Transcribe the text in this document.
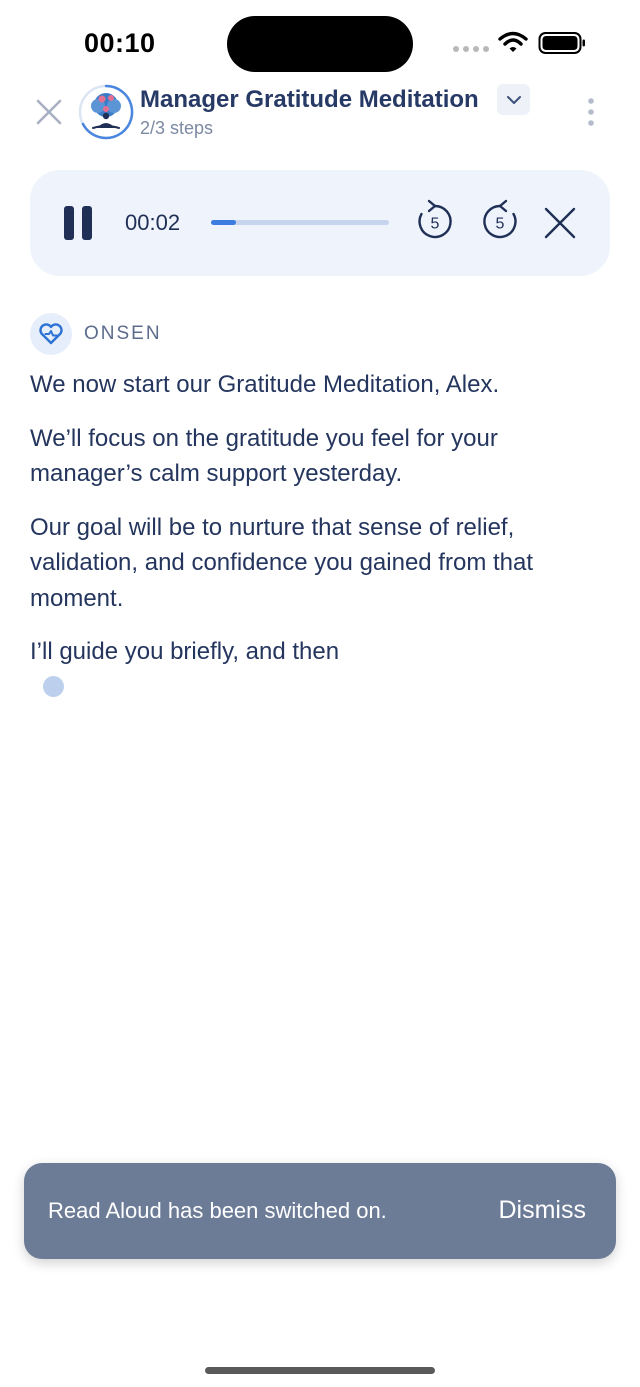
00:10
Manager Gratitude Meditation
2/3 steps
00:02	5	5
ONSEN

We now start our Gratitude Meditation, Alex.

We’ll focus on the gratitude you feel for your manager’s calm support yesterday.

Our goal will be to nurture that sense of relief, validation, and confidence you gained from that moment.

I’ll guide you briefly, and then

Read Aloud has been switched on.	Dismiss
